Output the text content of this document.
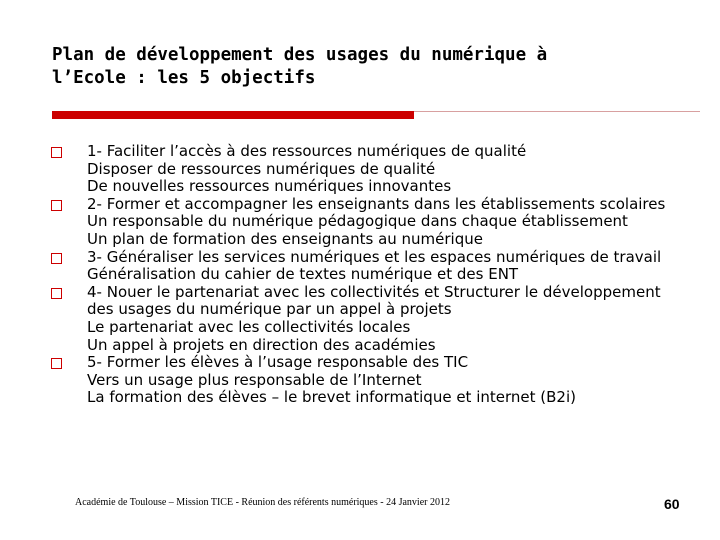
Plan de développement des usages du numérique à
l’Ecole : les 5 objectifs

1- Faciliter l’accès à des ressources numériques de qualité

Disposer de ressources numériques de qualité

De nouvelles ressources numériques innovantes

2- Former et accompagner les enseignants dans les établissements scolaires

Un responsable du numérique pédagogique dans chaque établissement

Un plan de formation des enseignants au numérique

3- Généraliser les services numériques et les espaces numériques de travail

Généralisation du cahier de textes numérique et des ENT

4- Nouer le partenariat avec les collectivités et Structurer le développement des usages du numérique par un appel à projets

Le partenariat avec les collectivités locales

Un appel à projets en direction des académies

5- Former les élèves à l’usage responsable des TIC

Vers un usage plus responsable de l’Internet

La formation des élèves – le brevet informatique et internet (B2i)

Académie de Toulouse – Mission TICE - Réunion des référents numériques - 24 Janvier 2012	60
